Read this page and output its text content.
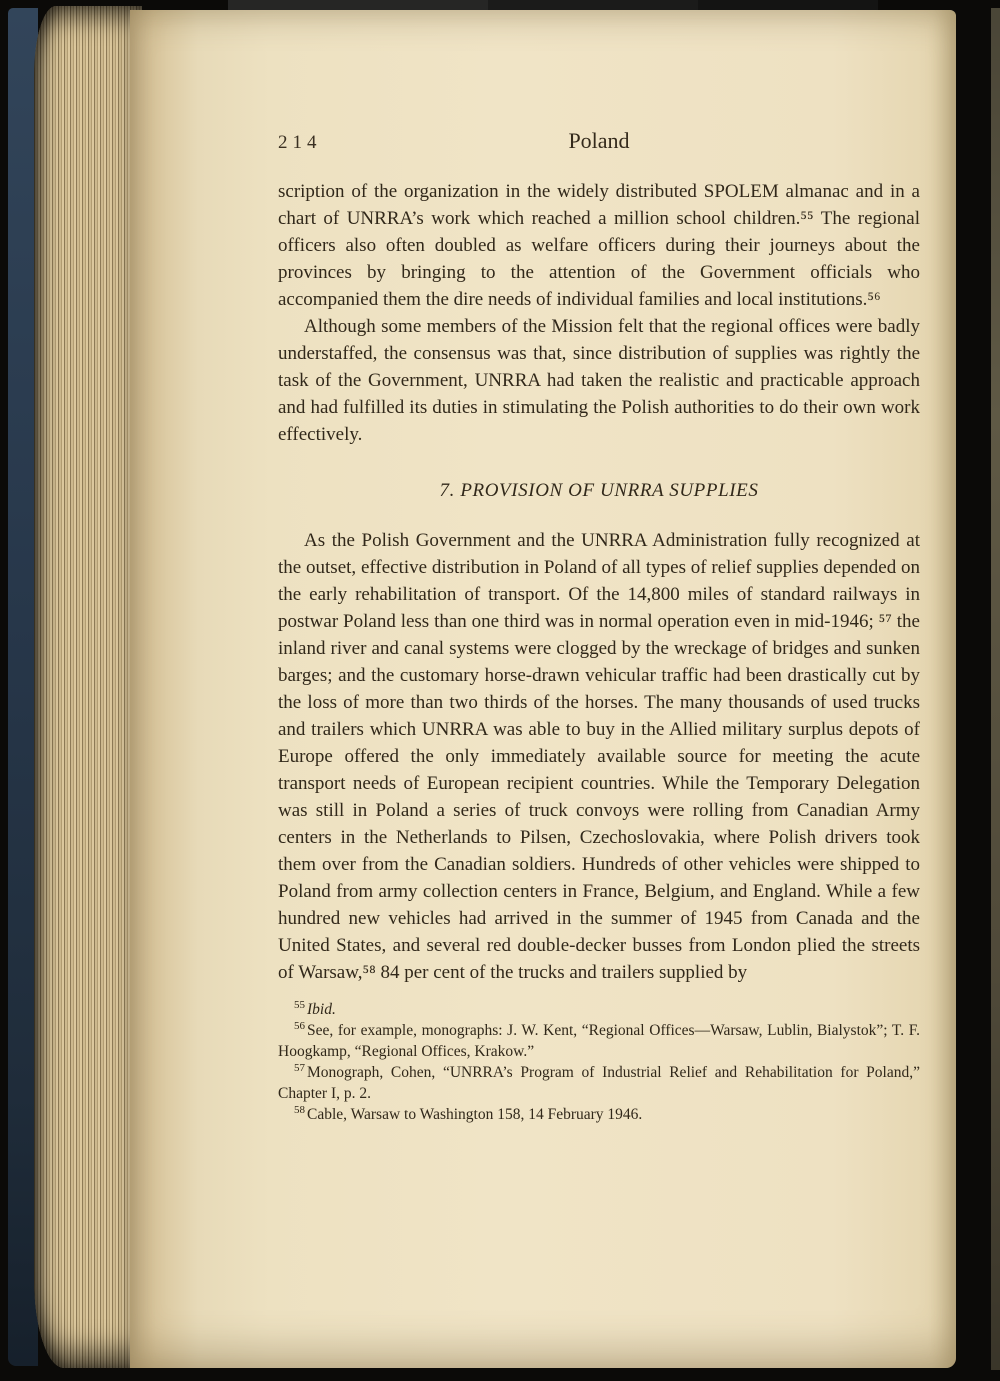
214	Poland

scription of the organization in the widely distributed SPOLEM almanac and in a chart of UNRRA’s work which reached a million school children.⁵⁵ The regional officers also often doubled as welfare officers during their journeys about the provinces by bringing to the attention of the Government officials who accompanied them the dire needs of individual families and local institutions.⁵⁶

Although some members of the Mission felt that the regional offices were badly understaffed, the consensus was that, since distribution of supplies was rightly the task of the Government, UNRRA had taken the realistic and practicable approach and had fulfilled its duties in stimulating the Polish authorities to do their own work effectively.

7. PROVISION OF UNRRA SUPPLIES

As the Polish Government and the UNRRA Administration fully recognized at the outset, effective distribution in Poland of all types of relief supplies depended on the early rehabilitation of transport. Of the 14,800 miles of standard railways in postwar Poland less than one third was in normal operation even in mid-1946; ⁵⁷ the inland river and canal systems were clogged by the wreckage of bridges and sunken barges; and the customary horse-drawn vehicular traffic had been drastically cut by the loss of more than two thirds of the horses. The many thousands of used trucks and trailers which UNRRA was able to buy in the Allied military surplus depots of Europe offered the only immediately available source for meeting the acute transport needs of European recipient countries. While the Temporary Delegation was still in Poland a series of truck convoys were rolling from Canadian Army centers in the Netherlands to Pilsen, Czechoslovakia, where Polish drivers took them over from the Canadian soldiers. Hundreds of other vehicles were shipped to Poland from army collection centers in France, Belgium, and England. While a few hundred new vehicles had arrived in the summer of 1945 from Canada and the United States, and several red double-decker busses from London plied the streets of Warsaw,⁵⁸ 84 per cent of the trucks and trailers supplied by

$^{55}$ Ibid.

$^{56}$ See, for example, monographs: J. W. Kent, “Regional Offices—Warsaw, Lublin, Bialystok”; T. F. Hoogkamp, “Regional Offices, Krakow.”

$^{57}$ Monograph, Cohen, “UNRRA’s Program of Industrial Relief and Rehabilitation for Poland,” Chapter I, p. 2.

$^{58}$ Cable, Warsaw to Washington 158, 14 February 1946.
